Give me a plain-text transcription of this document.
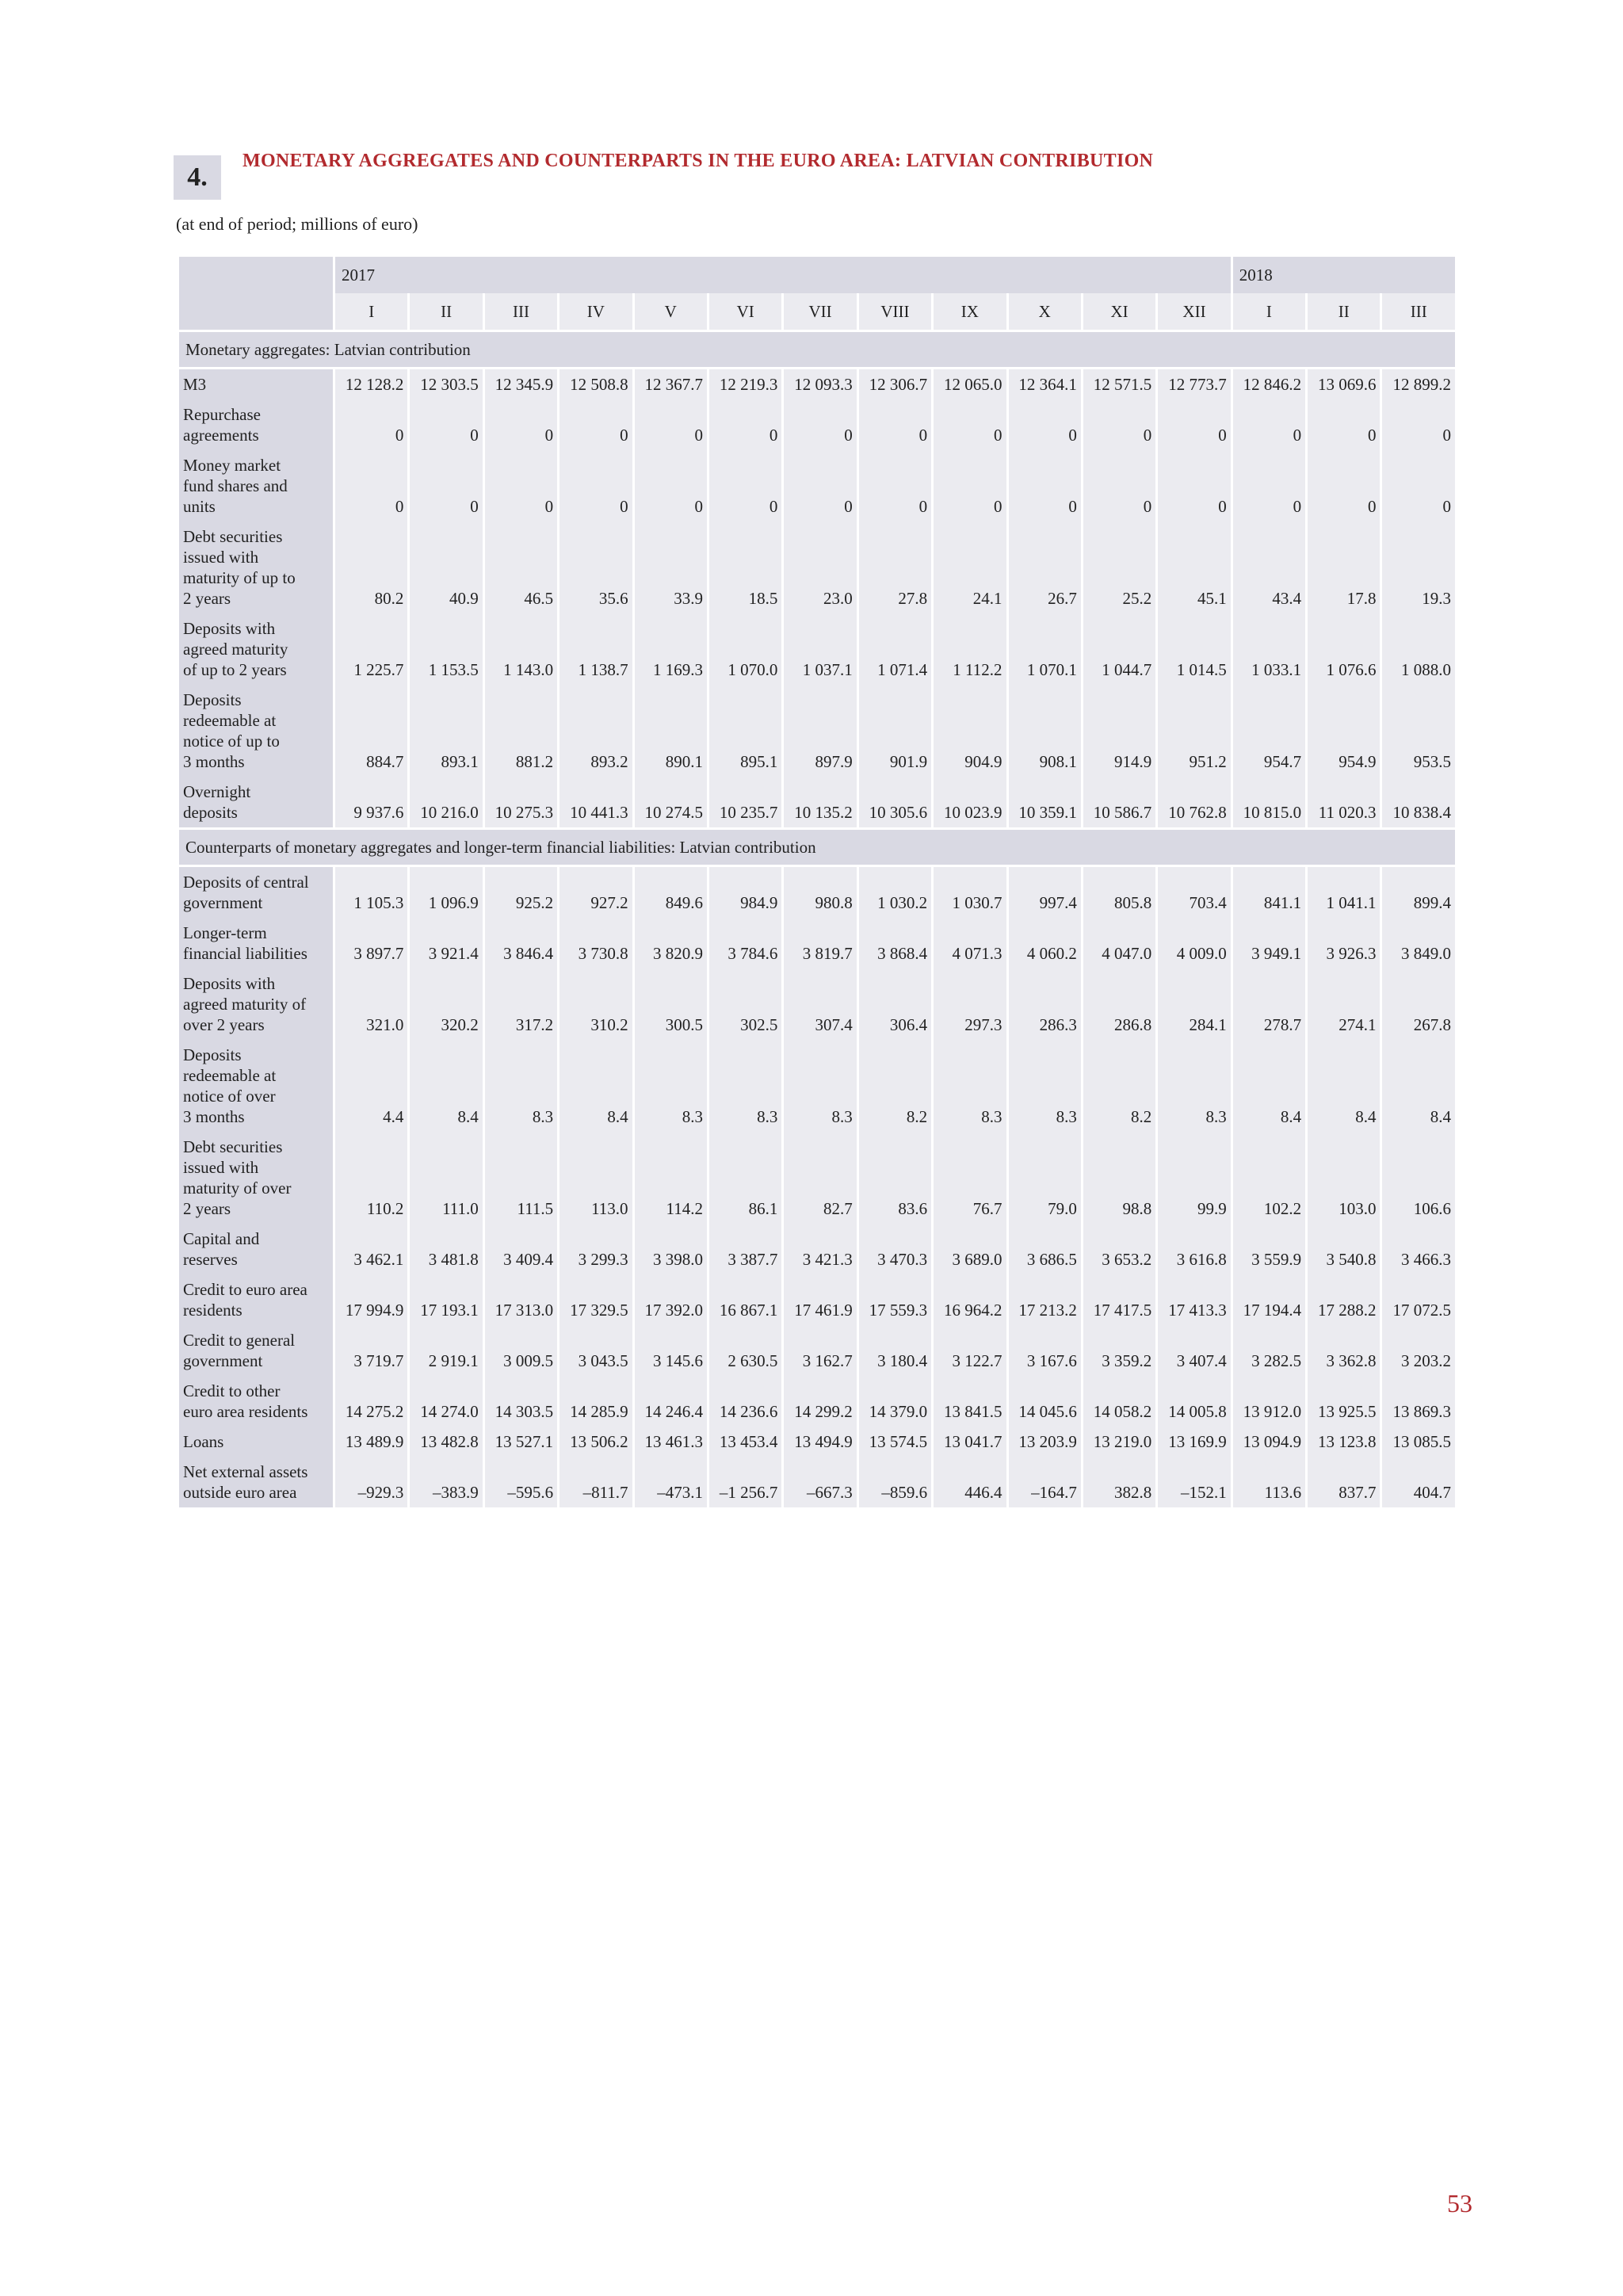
4.
MONETARY AGGREGATES AND COUNTERPARTS IN THE EURO AREA: LATVIAN CONTRIBUTION
(at end of period; millions of euro)
	2017												2018		
	I	II	III	IV	V	VI	VII	VIII	IX	X	XI	XII	I	II	III
Monetary aggregates: Latvian contribution															

M3	12 128.2	12 303.5	12 345.9	12 508.8	12 367.7	12 219.3	12 093.3	12 306.7	12 065.0	12 364.1	12 571.5	12 773.7	12 846.2	13 069.6	12 899.2

Repurchase
agreements	0	0	0	0	0	0	0	0	0	0	0	0	0	0	0

Money market
fund shares and
units	0	0	0	0	0	0	0	0	0	0	0	0	0	0	0

Debt securities
issued with
maturity of up to
2 years	80.2	40.9	46.5	35.6	33.9	18.5	23.0	27.8	24.1	26.7	25.2	45.1	43.4	17.8	19.3

Deposits with
agreed maturity
of up to 2 years	1 225.7	1 153.5	1 143.0	1 138.7	1 169.3	1 070.0	1 037.1	1 071.4	1 112.2	1 070.1	1 044.7	1 014.5	1 033.1	1 076.6	1 088.0

Deposits
redeemable at
notice of up to
3 months	884.7	893.1	881.2	893.2	890.1	895.1	897.9	901.9	904.9	908.1	914.9	951.2	954.7	954.9	953.5

Overnight
deposits	9 937.6	10 216.0	10 275.3	10 441.3	10 274.5	10 235.7	10 135.2	10 305.6	10 023.9	10 359.1	10 586.7	10 762.8	10 815.0	11 020.3	10 838.4
Counterparts of monetary aggregates and longer-term financial liabilities: Latvian contribution															

Deposits of central
government	1 105.3	1 096.9	925.2	927.2	849.6	984.9	980.8	1 030.2	1 030.7	997.4	805.8	703.4	841.1	1 041.1	899.4

Longer-term
financial liabilities	3 897.7	3 921.4	3 846.4	3 730.8	3 820.9	3 784.6	3 819.7	3 868.4	4 071.3	4 060.2	4 047.0	4 009.0	3 949.1	3 926.3	3 849.0

Deposits with
agreed maturity of
over 2 years	321.0	320.2	317.2	310.2	300.5	302.5	307.4	306.4	297.3	286.3	286.8	284.1	278.7	274.1	267.8

Deposits
redeemable at
notice of over
3 months	4.4	8.4	8.3	8.4	8.3	8.3	8.3	8.2	8.3	8.3	8.2	8.3	8.4	8.4	8.4

Debt securities
issued with
maturity of over
2 years	110.2	111.0	111.5	113.0	114.2	86.1	82.7	83.6	76.7	79.0	98.8	99.9	102.2	103.0	106.6

Capital and
reserves	3 462.1	3 481.8	3 409.4	3 299.3	3 398.0	3 387.7	3 421.3	3 470.3	3 689.0	3 686.5	3 653.2	3 616.8	3 559.9	3 540.8	3 466.3

Credit to euro area
residents	17 994.9	17 193.1	17 313.0	17 329.5	17 392.0	16 867.1	17 461.9	17 559.3	16 964.2	17 213.2	17 417.5	17 413.3	17 194.4	17 288.2	17 072.5

Credit to general
government	3 719.7	2 919.1	3 009.5	3 043.5	3 145.6	2 630.5	3 162.7	3 180.4	3 122.7	3 167.6	3 359.2	3 407.4	3 282.5	3 362.8	3 203.2

Credit to other
euro area residents	14 275.2	14 274.0	14 303.5	14 285.9	14 246.4	14 236.6	14 299.2	14 379.0	13 841.5	14 045.6	14 058.2	14 005.8	13 912.0	13 925.5	13 869.3

Loans	13 489.9	13 482.8	13 527.1	13 506.2	13 461.3	13 453.4	13 494.9	13 574.5	13 041.7	13 203.9	13 219.0	13 169.9	13 094.9	13 123.8	13 085.5

Net external assets
outside euro area	–929.3	–383.9	–595.6	–811.7	–473.1	–1 256.7	–667.3	–859.6	446.4	–164.7	382.8	–152.1	113.6	837.7	404.7
53
